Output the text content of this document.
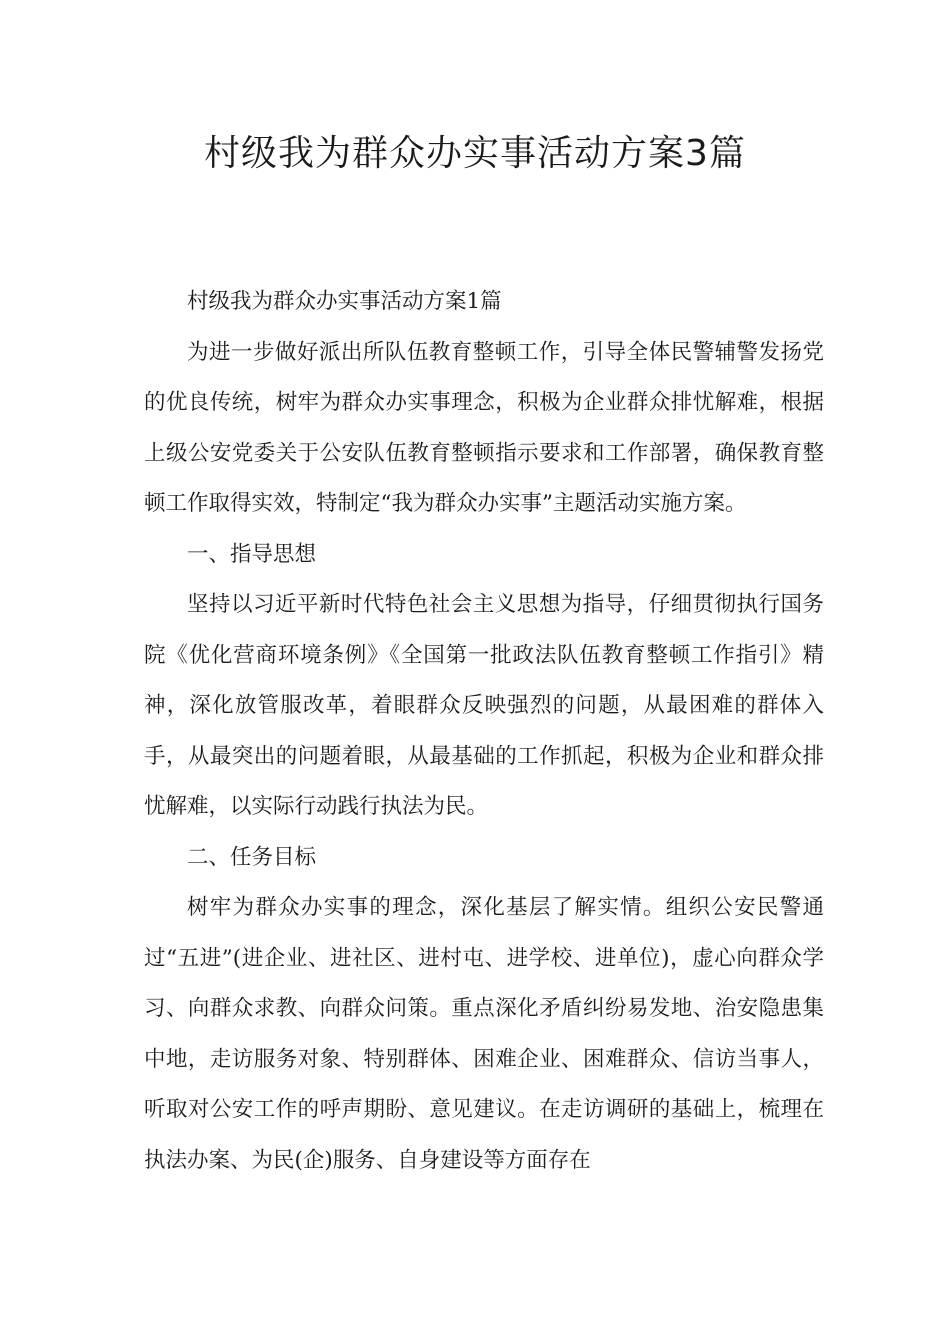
村级我为群众办实事活动方案3篇

村级我为群众办实事活动方案1篇

为进一步做好派出所队伍教育整顿工作，引导全体民警辅警发扬党的优良传统，树牢为群众办实事理念，积极为企业群众排忧解难，根据上级公安党委关于公安队伍教育整顿指示要求和工作部署，确保教育整顿工作取得实效，特制定“我为群众办实事”主题活动实施方案。

一、指导思想

坚持以习近平新时代特色社会主义思想为指导，仔细贯彻执行国务院《优化营商环境条例》《全国第一批政法队伍教育整顿工作指引》精神，深化放管服改革，着眼群众反映强烈的问题，从最困难的群体入手，从最突出的问题着眼，从最基础的工作抓起，积极为企业和群众排忧解难，以实际行动践行执法为民。

二、任务目标

树牢为群众办实事的理念，深化基层了解实情。组织公安民警通过“五进”(进企业、进社区、进村屯、进学校、进单位)，虚心向群众学习、向群众求教、向群众问策。重点深化矛盾纠纷易发地、治安隐患集中地，走访服务对象、特别群体、困难企业、困难群众、信访当事人，听取对公安工作的呼声期盼、意见建议。在走访调研的基础上，梳理在执法办案、为民(企)服务、自身建设等方面存在
